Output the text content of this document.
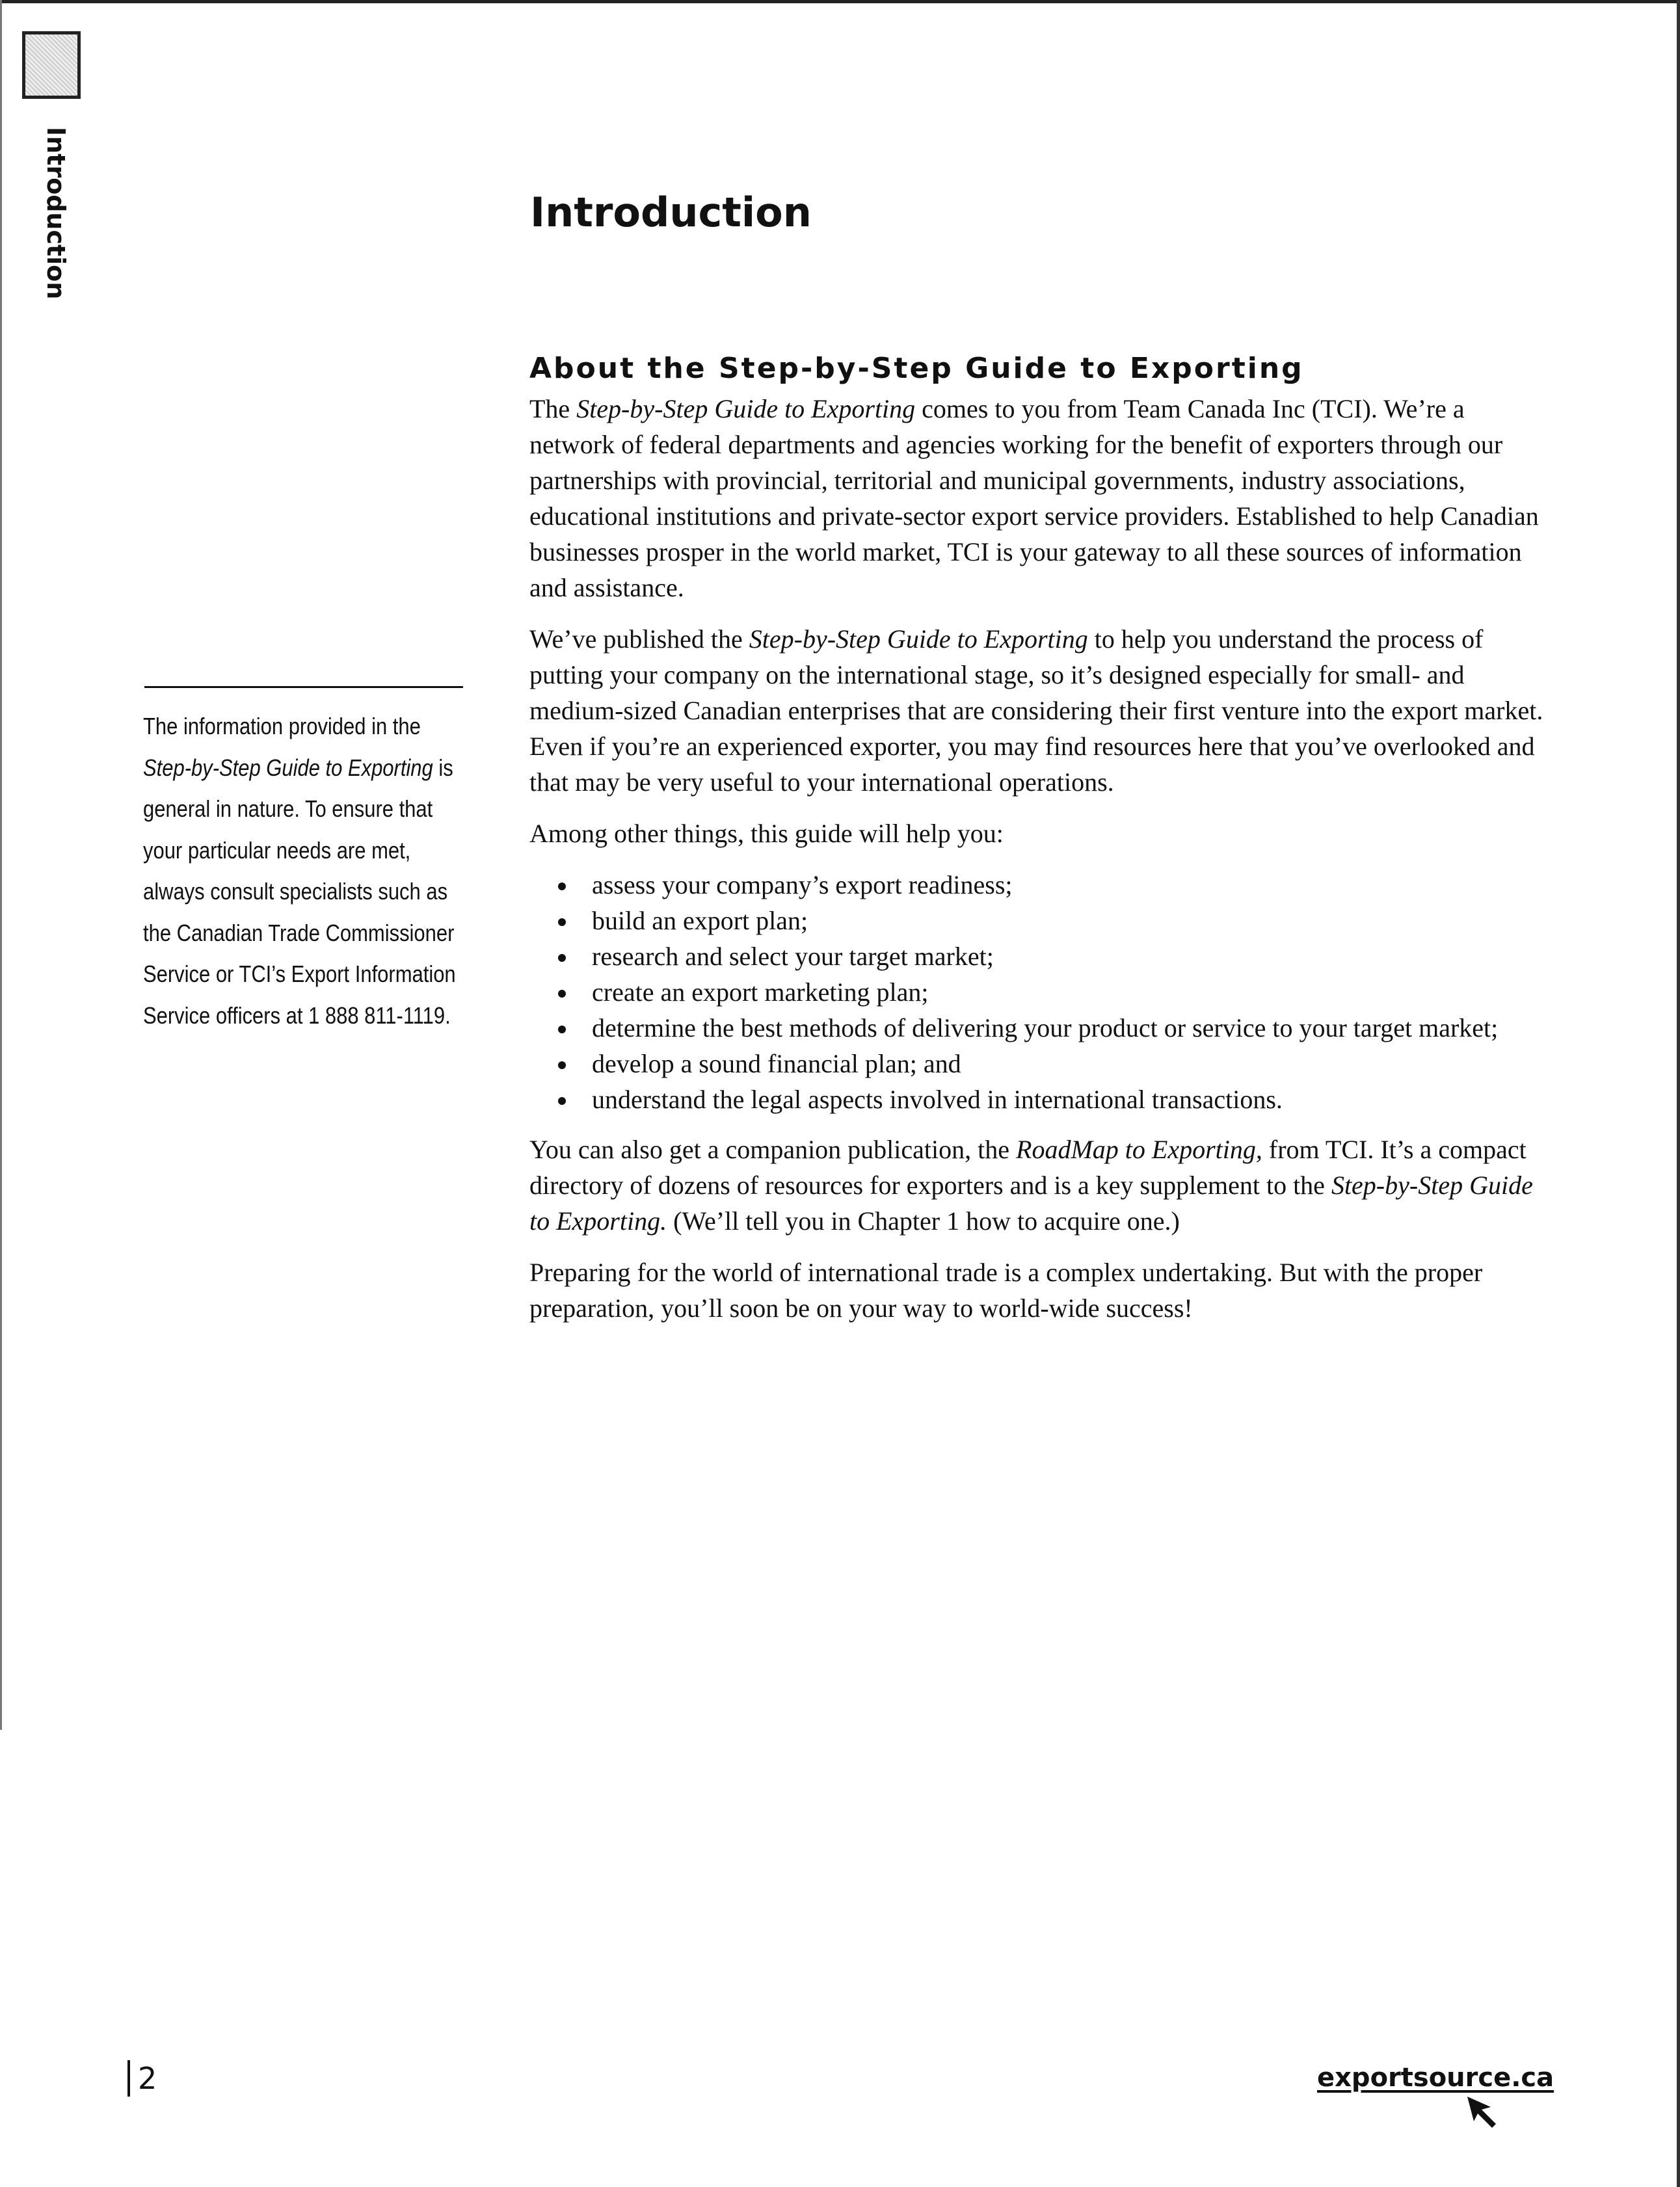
Introduction	Introduction
About the Step-by-Step Guide to Exporting

The Step-by-Step Guide to Exporting comes to you from Team Canada Inc (TCI). We’re a network of federal departments and agencies working for the benefit of exporters through our partnerships with provincial, territorial and municipal governments, industry associations, educational institutions and private-sector export service providers. Established to help Canadian businesses prosper in the world market, TCI is your gateway to all these sources of information and assistance.

We’ve published the Step-by-Step Guide to Exporting to help you understand the process of putting your company on the international stage, so it’s designed especially for small- and medium-sized Canadian enterprises that are considering their first venture into the export market. Even if you’re an experienced exporter, you may find resources here that you’ve overlooked and that may be very useful to your international operations.

Among other things, this guide will help you:

assess your company’s export readiness;
build an export plan;
research and select your target market;
create an export marketing plan;
determine the best methods of delivering your product or service to your target market;
develop a sound financial plan; and
understand the legal aspects involved in international transactions.

You can also get a companion publication, the RoadMap to Exporting, from TCI. It’s a compact directory of dozens of resources for exporters and is a key supplement to the Step-by-Step Guide to Exporting. (We’ll tell you in Chapter 1 how to acquire one.)

Preparing for the world of international trade is a complex undertaking. But with the proper preparation, you’ll soon be on your way to world-wide success!

The information provided in the Step-by-Step Guide to Exporting is general in nature. To ensure that your particular needs are met, always consult specialists such as the Canadian Trade Commissioner Service or TCI’s Export Information Service officers at 1 888 811-1119.

2	exportsource.ca
